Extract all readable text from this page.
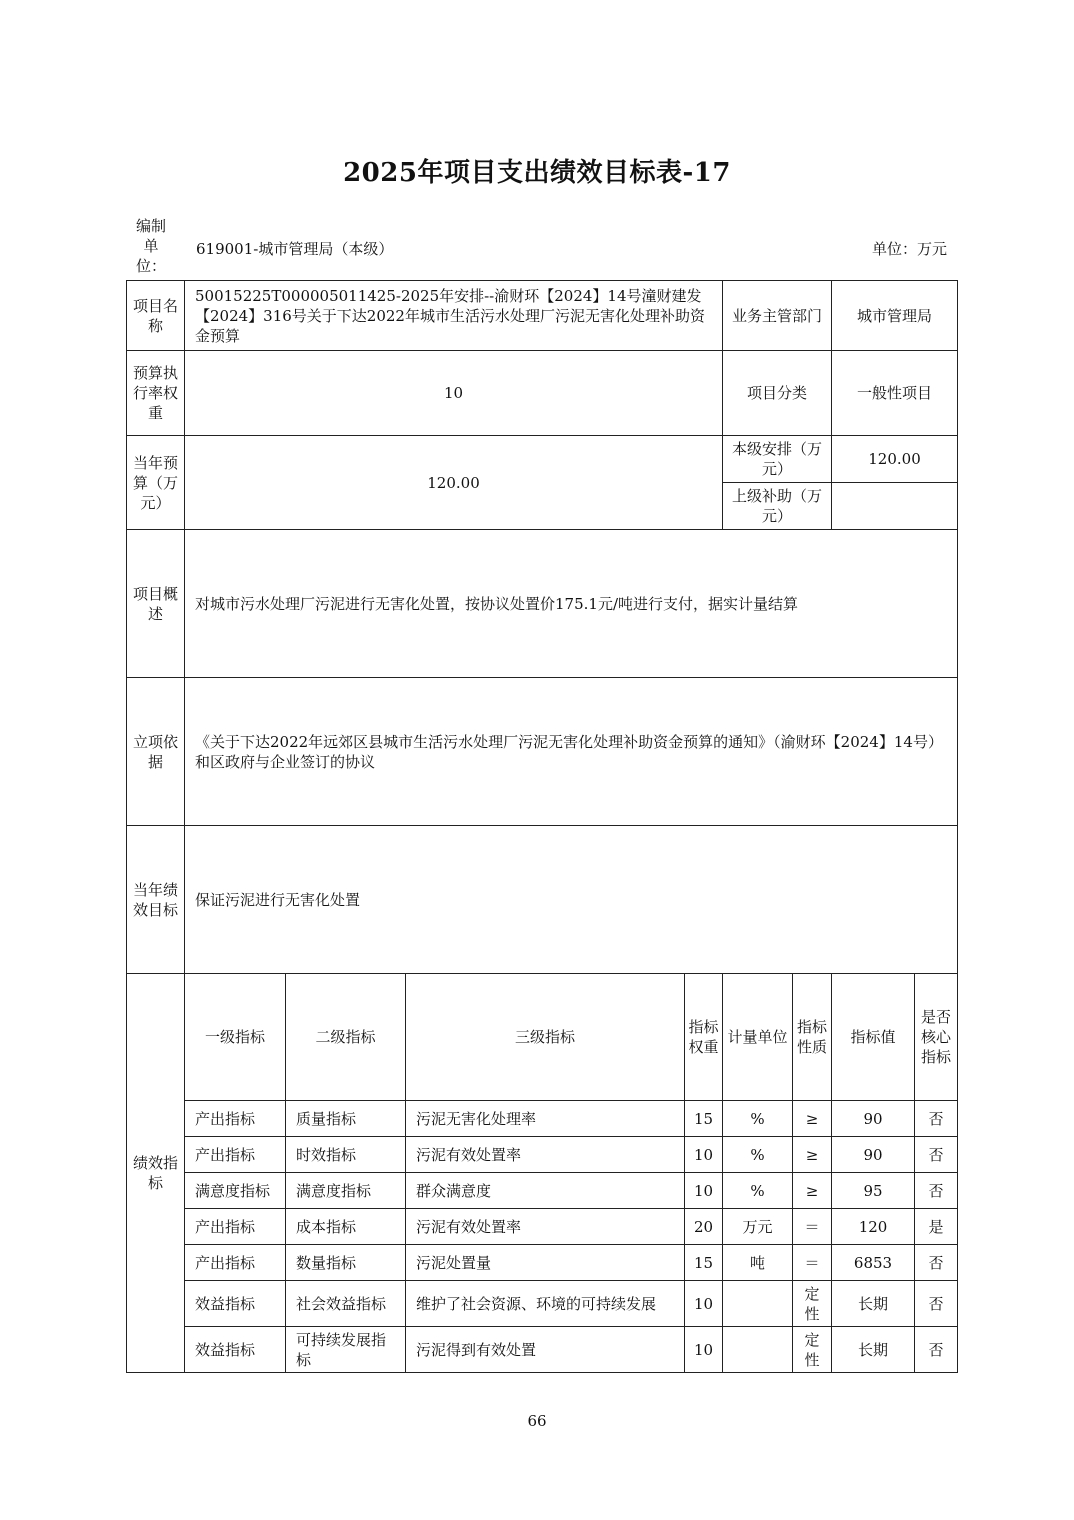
2025年项目支出绩效目标表-17
编制单位：
619001-城市管理局（本级）	单位：万元
项目名称	50015225T000005011425-2025年安排--渝财环【2024】14号潼财建发【2024】316号关于下达2022年城市生活污水处理厂污泥无害化处理补助资金预算				业务主管部门		城市管理局	
预算执行率权重	10				项目分类		一般性项目	
当年预算（万元）	120.00				本级安排（万元）		120.00	
					上级补助（万元）			
项目概述	对城市污水处理厂污泥进行无害化处置，按协议处置价175.1元/吨进行支付，据实计量结算							
立项依据	《关于下达2022年远郊区县城市生活污水处理厂污泥无害化处理补助资金预算的通知》（渝财环【2024】14号）和区政府与企业签订的协议							
当年绩效目标	保证污泥进行无害化处置							
绩效指标	一级指标	二级指标	三级指标	指标权重	计量单位	指标性质	指标值	是否核心指标
	产出指标	质量指标	污泥无害化处理率	15	%	≥	90	否
	产出指标	时效指标	污泥有效处置率	10	%	≥	90	否
	满意度指标	满意度指标	群众满意度	10	%	≥	95	否
	产出指标	成本指标	污泥有效处置率	20	万元	＝	120	是
	产出指标	数量指标	污泥处置量	15	吨	＝	6853	否
	效益指标	社会效益指标	维护了社会资源、环境的可持续发展	10		定性	长期	否
	效益指标	可持续发展指标	污泥得到有效处置	10		定性	长期	否
66
